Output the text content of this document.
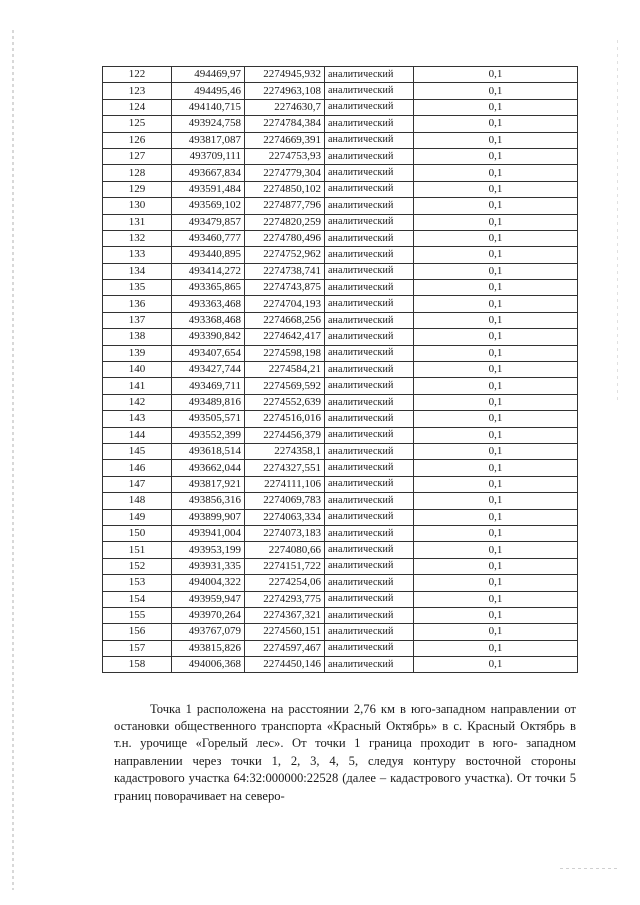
122	494469,97	2274945,932	аналитический	0,1
123	494495,46	2274963,108	аналитический	0,1
124	494140,715	2274630,7	аналитический	0,1
125	493924,758	2274784,384	аналитический	0,1
126	493817,087	2274669,391	аналитический	0,1
127	493709,111	2274753,93	аналитический	0,1
128	493667,834	2274779,304	аналитический	0,1
129	493591,484	2274850,102	аналитический	0,1
130	493569,102	2274877,796	аналитический	0,1
131	493479,857	2274820,259	аналитический	0,1
132	493460,777	2274780,496	аналитический	0,1
133	493440,895	2274752,962	аналитический	0,1
134	493414,272	2274738,741	аналитический	0,1
135	493365,865	2274743,875	аналитический	0,1
136	493363,468	2274704,193	аналитический	0,1
137	493368,468	2274668,256	аналитический	0,1
138	493390,842	2274642,417	аналитический	0,1
139	493407,654	2274598,198	аналитический	0,1
140	493427,744	2274584,21	аналитический	0,1
141	493469,711	2274569,592	аналитический	0,1
142	493489,816	2274552,639	аналитический	0,1
143	493505,571	2274516,016	аналитический	0,1
144	493552,399	2274456,379	аналитический	0,1
145	493618,514	2274358,1	аналитический	0,1
146	493662,044	2274327,551	аналитический	0,1
147	493817,921	2274111,106	аналитический	0,1
148	493856,316	2274069,783	аналитический	0,1
149	493899,907	2274063,334	аналитический	0,1
150	493941,004	2274073,183	аналитический	0,1
151	493953,199	2274080,66	аналитический	0,1
152	493931,335	2274151,722	аналитический	0,1
153	494004,322	2274254,06	аналитический	0,1
154	493959,947	2274293,775	аналитический	0,1
155	493970,264	2274367,321	аналитический	0,1
156	493767,079	2274560,151	аналитический	0,1
157	493815,826	2274597,467	аналитический	0,1
158	494006,368	2274450,146	аналитический	0,1

Точка 1 расположена на расстоянии 2,76 км в юго-западном направлении от остановки общественного транспорта «Красный Октябрь» в с. Красный Октябрь в т.н. урочище «Горелый лес». От точки 1 граница проходит в юго- западном направлении через точки 1, 2, 3, 4, 5, следуя контуру восточной стороны кадастрового участка 64:32:000000:22528 (далее – кадастрового участка). От точки 5 границ поворачивает на северо-
